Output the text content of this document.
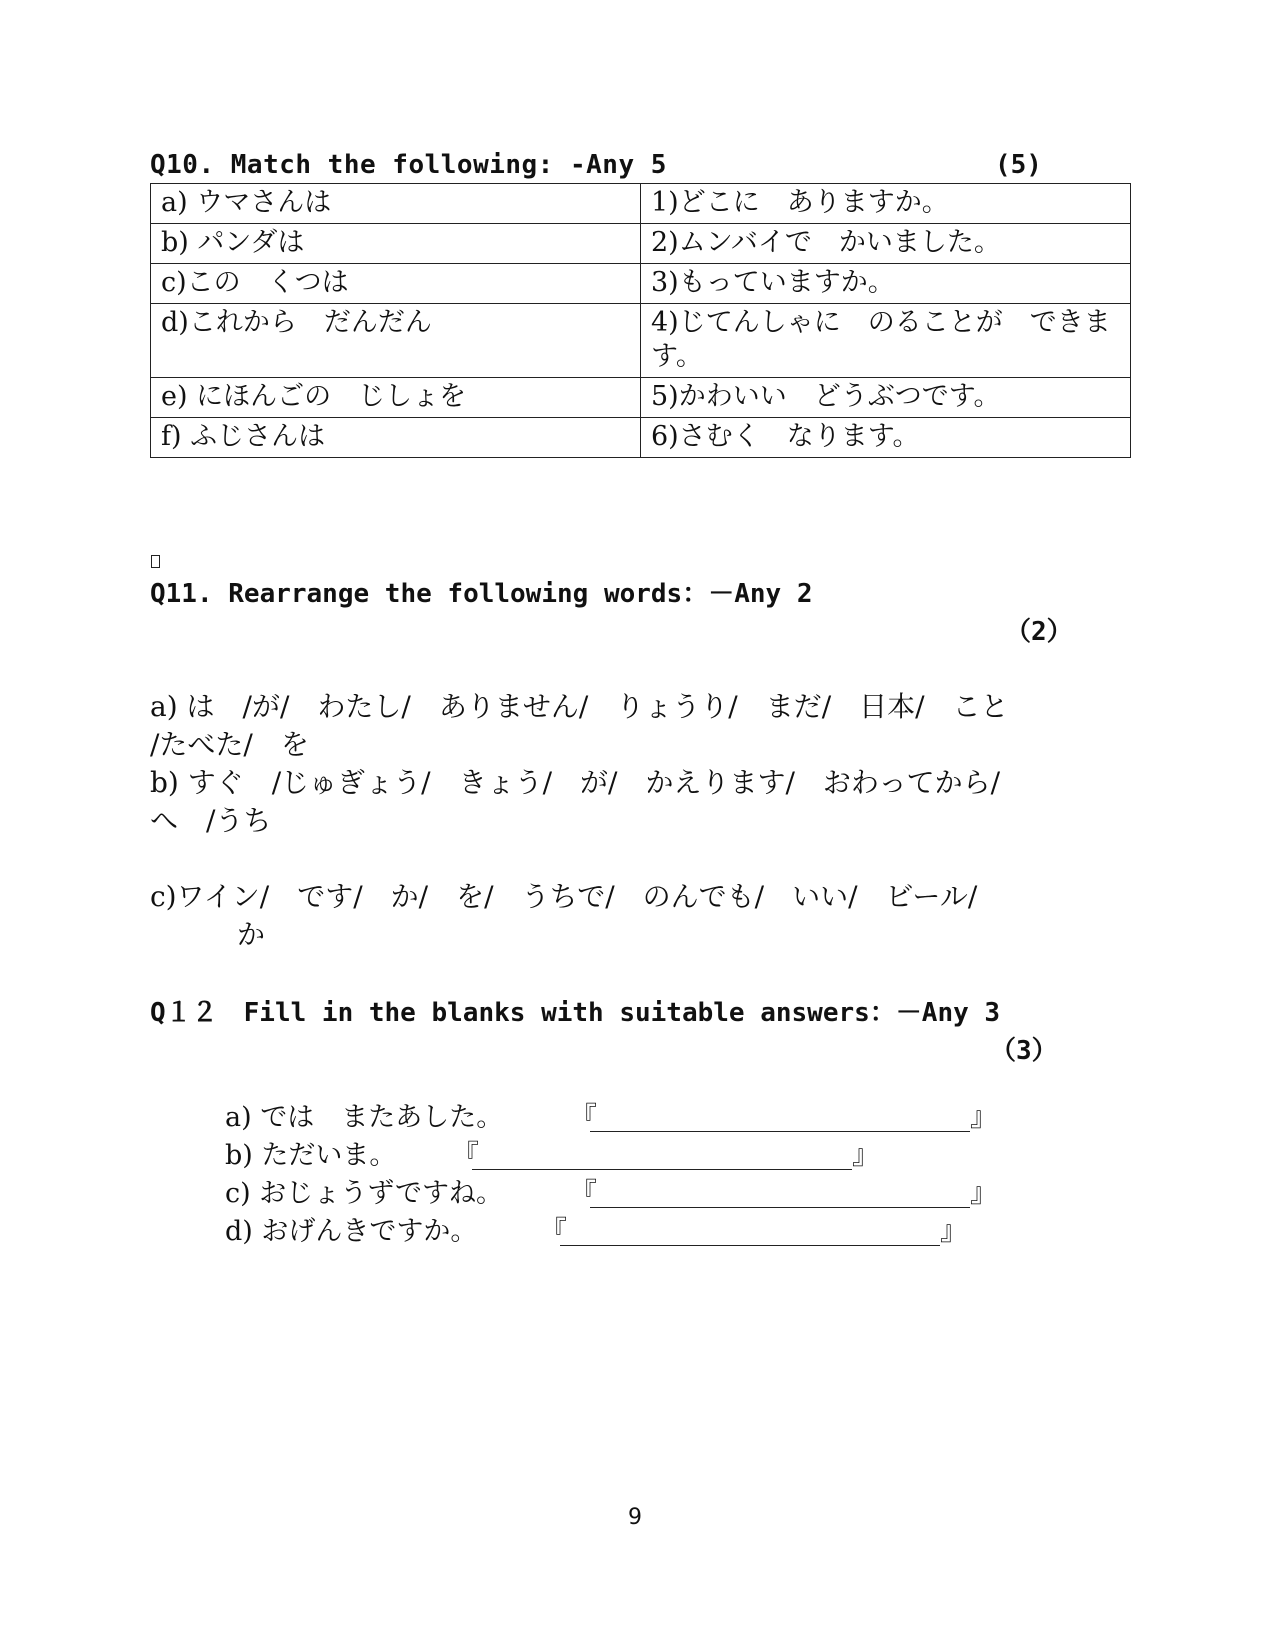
Q10. Match the following: -Any 5	(5)
a) ウマさんは	1)どこに　ありますか。
b) パンダは	2)ムンバイで　かいました。
c)この　くつは	3)もっていますか。
d)これから　だんだん	4)じてんしゃに　のることが　できます。
e) にほんごの　じしょを	5)かわいい　どうぶつです。
f) ふじさんは	6)さむく　なります。
Q11. Rearrange the following words：－Any 2
（2）
a) は　/が/　わたし/　ありません/　りょうり/　まだ/　日本/　こと
/たべた/　を
b) すぐ　/じゅぎょう/　きょう/　が/　かえります/　おわってから/
へ　/うち
c)ワイン/　です/　か/　を/　うちで/　のんでも/　いい/　ビール/
か
Q１２　Fill in the blanks with suitable answers：－Any 3
（3）
a) では　またあした。 『	』
b) ただいま。 『	』
c) おじょうずですね。 『	』
d) おげんきですか。 『	』
9
